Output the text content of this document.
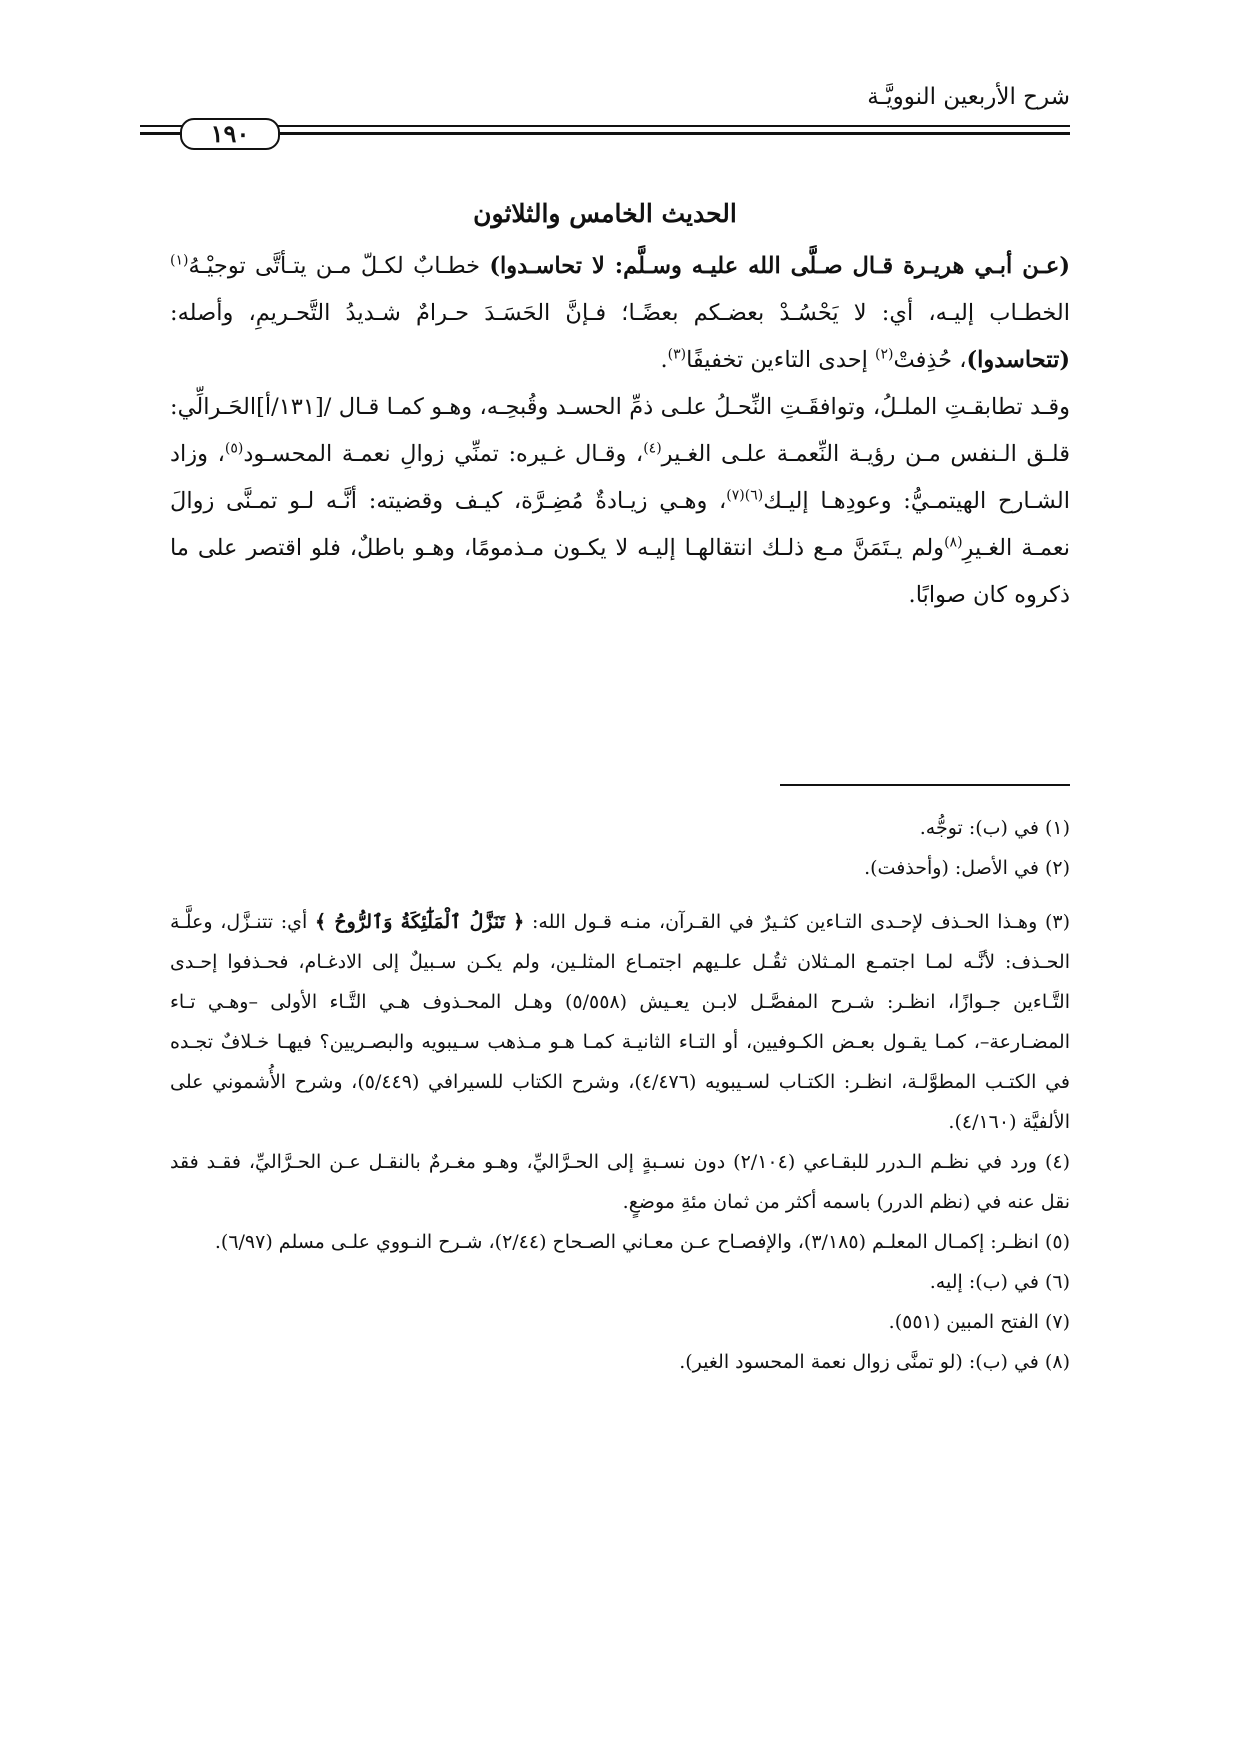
شرح الأربعين النوويَّـة
١٩٠
الحديث الخامس والثلاثون

(عـن أبـي هريـرة قـال صـلَّى الله عليـه وسـلَّم: لا تحاسـدوا) خطـابٌ لكـلّ مـن يتـأتَّى توجيْـهُ$^{(١)}$ الخطـاب إليـه، أي: لا يَحْسُـدْ بعضـكم بعضًـا؛ فـإنَّ الحَسَـدَ حـرامٌ شـديدُ التَّحـريمِ، وأصله: (تتحاسدوا)، حُذِفتْ$^{(٢)}$ إحدى التاءين تخفيفًا$^{(٣)}$.

وقـد تطابقـتِ الملـلُ، وتوافقَـتِ النِّحـلُ علـى ذمِّ الحسـد وقُبحِـه، وهـو كمـا قـال /[١٣١/أ]الحَـرالِّي: قلـق الـنفس مـن رؤيـة النِّعمـة علـى الغـير$^{(٤)}$، وقـال غـيره: تمنِّي زوالِ نعمـة المحسـود$^{(٥)}$، وزاد الشـارح الهيتمـيُّ: وعودِهـا إليـك$^{(٦)(٧)}$، وهـي زيـادةٌ مُضِـرَّة، كيـف وقضيته: أنَّـه لـو تمـنَّى زوالَ نعمـة الغـيرِ$^{(٨)}$ولم يـتَمَنَّ مـع ذلـك انتقالهـا إليـه لا يكـون مـذمومًا، وهـو باطلٌ، فلو اقتصر على ما ذكروه كان صوابًا.

(١) في (ب): توجُّه.

(٢) في الأصل: (وأحذفت).

(٣) وهـذا الحـذف لإحـدى التـاءين كثـيرٌ في القـرآن، منـه قـول الله: ﴿ تَنَزَّلُ ٱلْمَلَٰٓئِكَةُ وَٱلرُّوحُ ﴾ أي: تتنـزَّل، وعلَّـة الحـذف: لأنَّـه لمـا اجتمـع المـثلان ثقُـل علـيهم اجتمـاع المثلـين، ولم يكـن سـبيلٌ إلى الادغـام، فحـذفوا إحـدى التَّـاءين جـوازًا، انظـر: شـرح المفصَّـل لابـن يعـيش (٥/٥٥٨) وهـل المحـذوف هـي التَّـاء الأولى –وهـي تـاء المضـارعة–، كمـا يقـول بعـض الكـوفيين، أو التـاء الثانيـة كمـا هـو مـذهب سـيبويه والبصـريين؟ فيهـا خـلافٌ تجـده في الكتـب المطوَّلـة، انظـر: الكتـاب لسـيبويه (٤/٤٧٦)، وشرح الكتاب للسيرافي (٥/٤٤٩)، وشرح الأُشموني على الألفيَّة (٤/١٦٠).

(٤) ورد في نظـم الـدرر للبقـاعي (٢/١٠٤) دون نسـبةٍ إلى الحـرَّاليِّ، وهـو مغـرمٌ بالنقـل عـن الحـرَّاليِّ، فقـد فقد نقل عنه في (نظم الدرر) باسمه أكثر من ثمان مئةِ موضعٍ.

(٥) انظـر: إكمـال المعلـم (٣/١٨٥)، والإفصـاح عـن معـاني الصـحاح (٢/٤٤)، شـرح النـووي علـى مسلم (٦/٩٧).

(٦) في (ب): إليه.

(٧) الفتح المبين (٥٥١).

(٨) في (ب): (لو تمنَّى زوال نعمة المحسود الغير).
